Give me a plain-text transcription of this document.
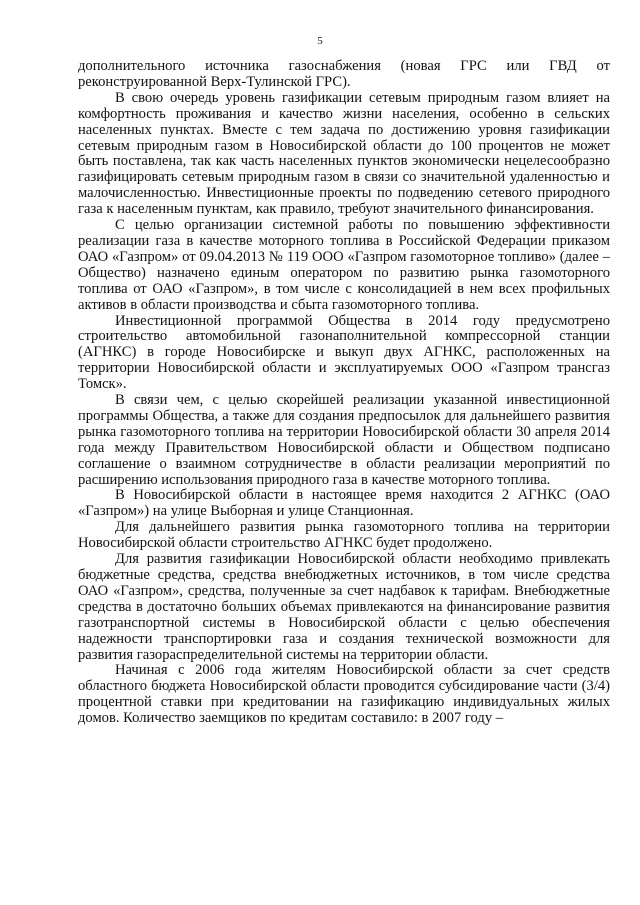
5

дополнительного источника газоснабжения (новая ГРС или ГВД от реконструированной Верх-Тулинской ГРС).

В свою очередь уровень газификации сетевым природным газом влияет на комфортность проживания и качество жизни населения, особенно в сельских населенных пунктах. Вместе с тем задача по достижению уровня газификации сетевым природным газом в Новосибирской области до 100 процентов не может быть поставлена, так как часть населенных пунктов экономически нецелесообразно газифицировать сетевым природным газом в связи со значительной удаленностью и малочисленностью. Инвестиционные проекты по подведению сетевого природного газа к населенным пунктам, как правило, требуют значительного финансирования.

С целью организации системной работы по повышению эффективности реализации газа в качестве моторного топлива в Российской Федерации приказом ОАО «Газпром» от 09.04.2013 № 119 ООО «Газпром газомоторное топливо» (далее – Общество) назначено единым оператором по развитию рынка газомоторного топлива от ОАО «Газпром», в том числе с консолидацией в нем всех профильных активов в области производства и сбыта газомоторного топлива.

Инвестиционной программой Общества в 2014 году предусмотрено строительство автомобильной газонаполнительной компрессорной станции (АГНКС) в городе Новосибирске и выкуп двух АГНКС, расположенных на территории Новосибирской области и эксплуатируемых ООО «Газпром трансгаз Томск».

В связи чем, с целью скорейшей реализации указанной инвестиционной программы Общества, а также для создания предпосылок для дальнейшего развития рынка газомоторного топлива на территории Новосибирской области 30 апреля 2014 года между Правительством Новосибирской области и Обществом подписано соглашение о взаимном сотрудничестве в области реализации мероприятий по расширению использования природного газа в качестве моторного топлива.

В Новосибирской области в настоящее время находится 2 АГНКС (ОАО «Газпром») на улице Выборная и улице Станционная.

Для дальнейшего развития рынка газомоторного топлива на территории Новосибирской области строительство АГНКС будет продолжено.

Для развития газификации Новосибирской области необходимо привлекать бюджетные средства, средства внебюджетных источников, в том числе средства ОАО «Газпром», средства, полученные за счет надбавок к тарифам. Внебюджетные средства в достаточно больших объемах привлекаются на финансирование развития газотранспортной системы в Новосибирской области с целью обеспечения надежности транспортировки газа и создания технической возможности для развития газораспределительной системы на территории области.

Начиная с 2006 года жителям Новосибирской области за счет средств областного бюджета Новосибирской области проводится субсидирование части (3/4) процентной ставки при кредитовании на газификацию индивидуальных жилых домов. Количество заемщиков по кредитам составило: в 2007 году –
